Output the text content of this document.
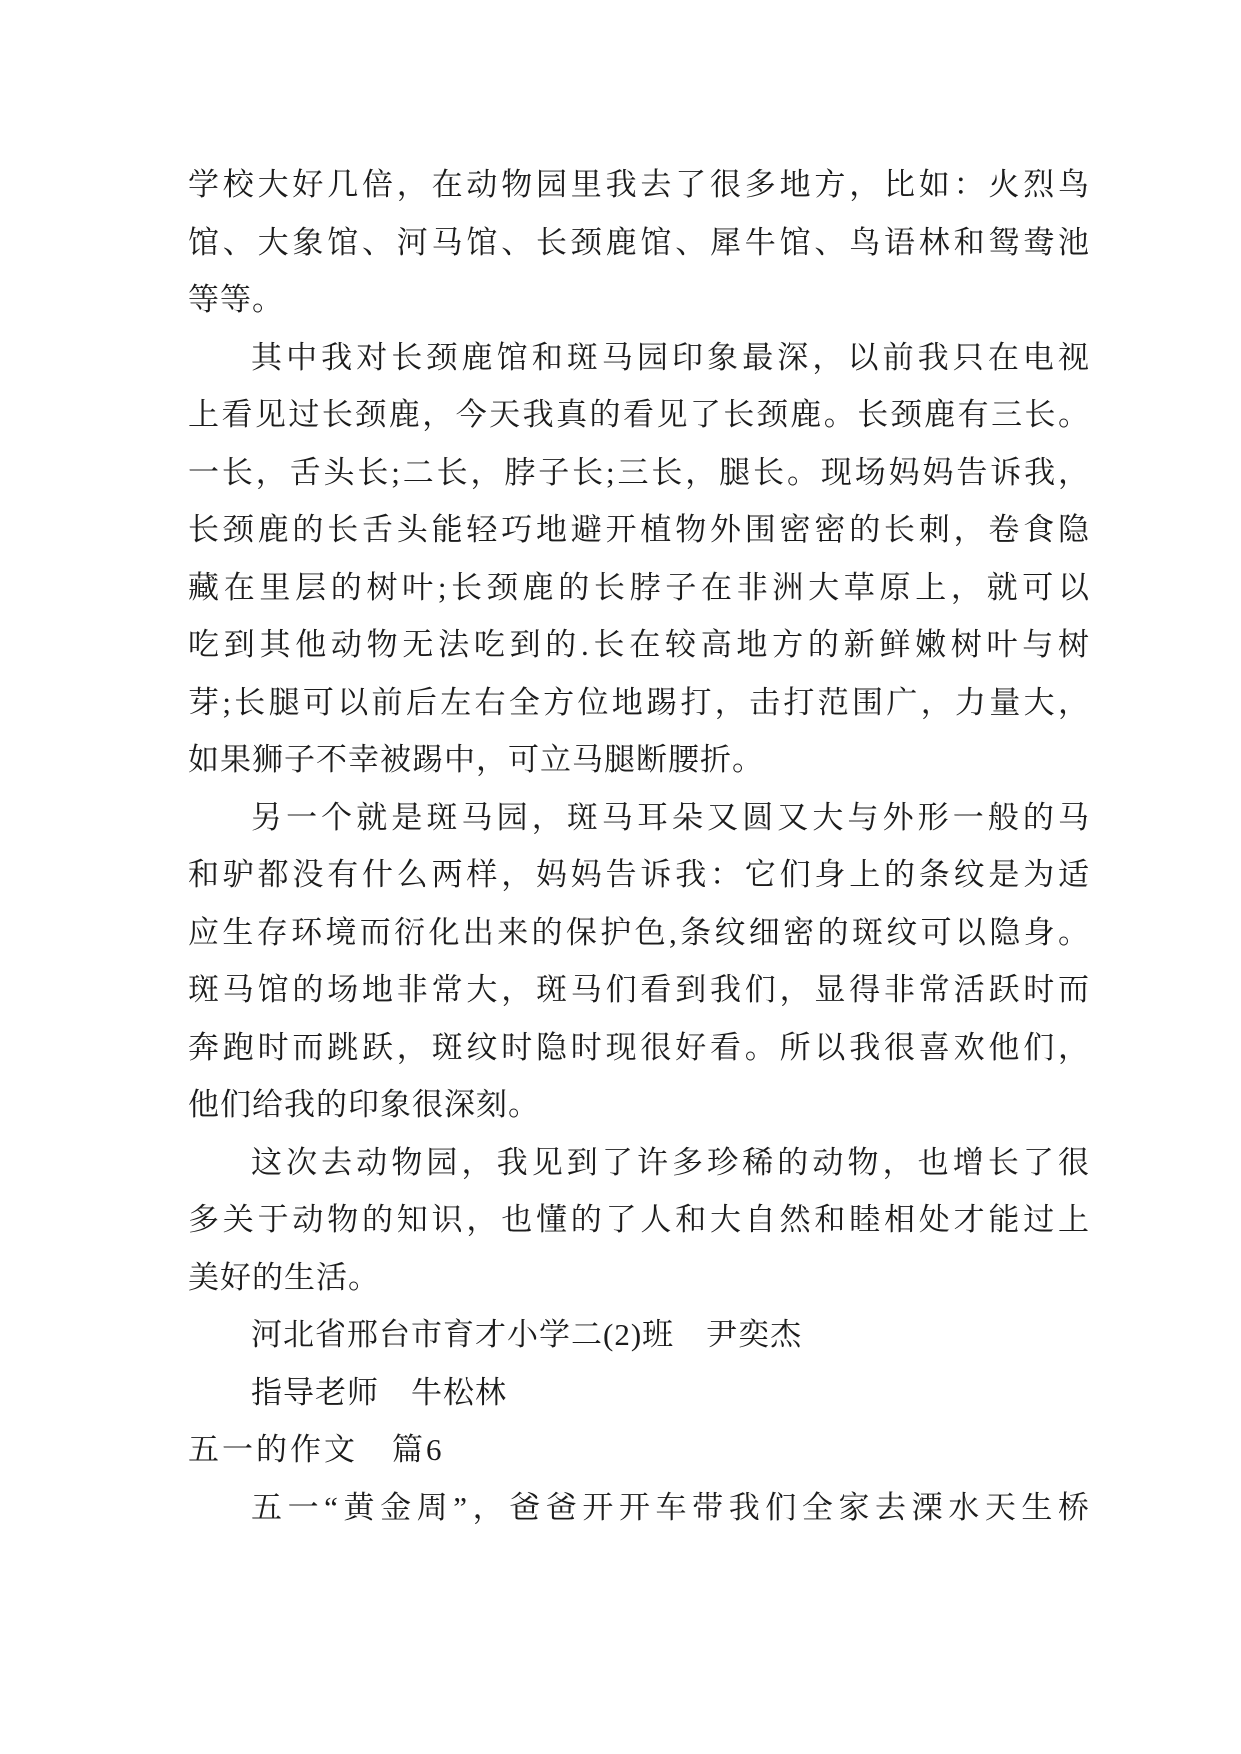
学校大好几倍，在动物园里我去了很多地方，比如：火烈鸟
馆、大象馆、河马馆、长颈鹿馆、犀牛馆、鸟语林和鸳鸯池
等等。
其中我对长颈鹿馆和斑马园印象最深，以前我只在电视
上看见过长颈鹿，今天我真的看见了长颈鹿。长颈鹿有三长。
一长，舌头长;二长，脖子长;三长，腿长。现场妈妈告诉我，
长颈鹿的长舌头能轻巧地避开植物外围密密的长刺，卷食隐
藏在里层的树叶;长颈鹿的长脖子在非洲大草原上，就可以
吃到其他动物无法吃到的.长在较高地方的新鲜嫩树叶与树
芽;长腿可以前后左右全方位地踢打，击打范围广，力量大，
如果狮子不幸被踢中，可立马腿断腰折。
另一个就是斑马园，斑马耳朵又圆又大与外形一般的马
和驴都没有什么两样，妈妈告诉我：它们身上的条纹是为适
应生存环境而衍化出来的保护色,条纹细密的斑纹可以隐身。
斑马馆的场地非常大，斑马们看到我们，显得非常活跃时而
奔跑时而跳跃，斑纹时隐时现很好看。所以我很喜欢他们，
他们给我的印象很深刻。
这次去动物园，我见到了许多珍稀的动物，也增长了很
多关于动物的知识，也懂的了人和大自然和睦相处才能过上
美好的生活。
河北省邢台市育才小学二(2)班　尹奕杰
指导老师　牛松林
五一的作文　篇6
五一“黄金周”，爸爸开开车带我们全家去溧水天生桥
